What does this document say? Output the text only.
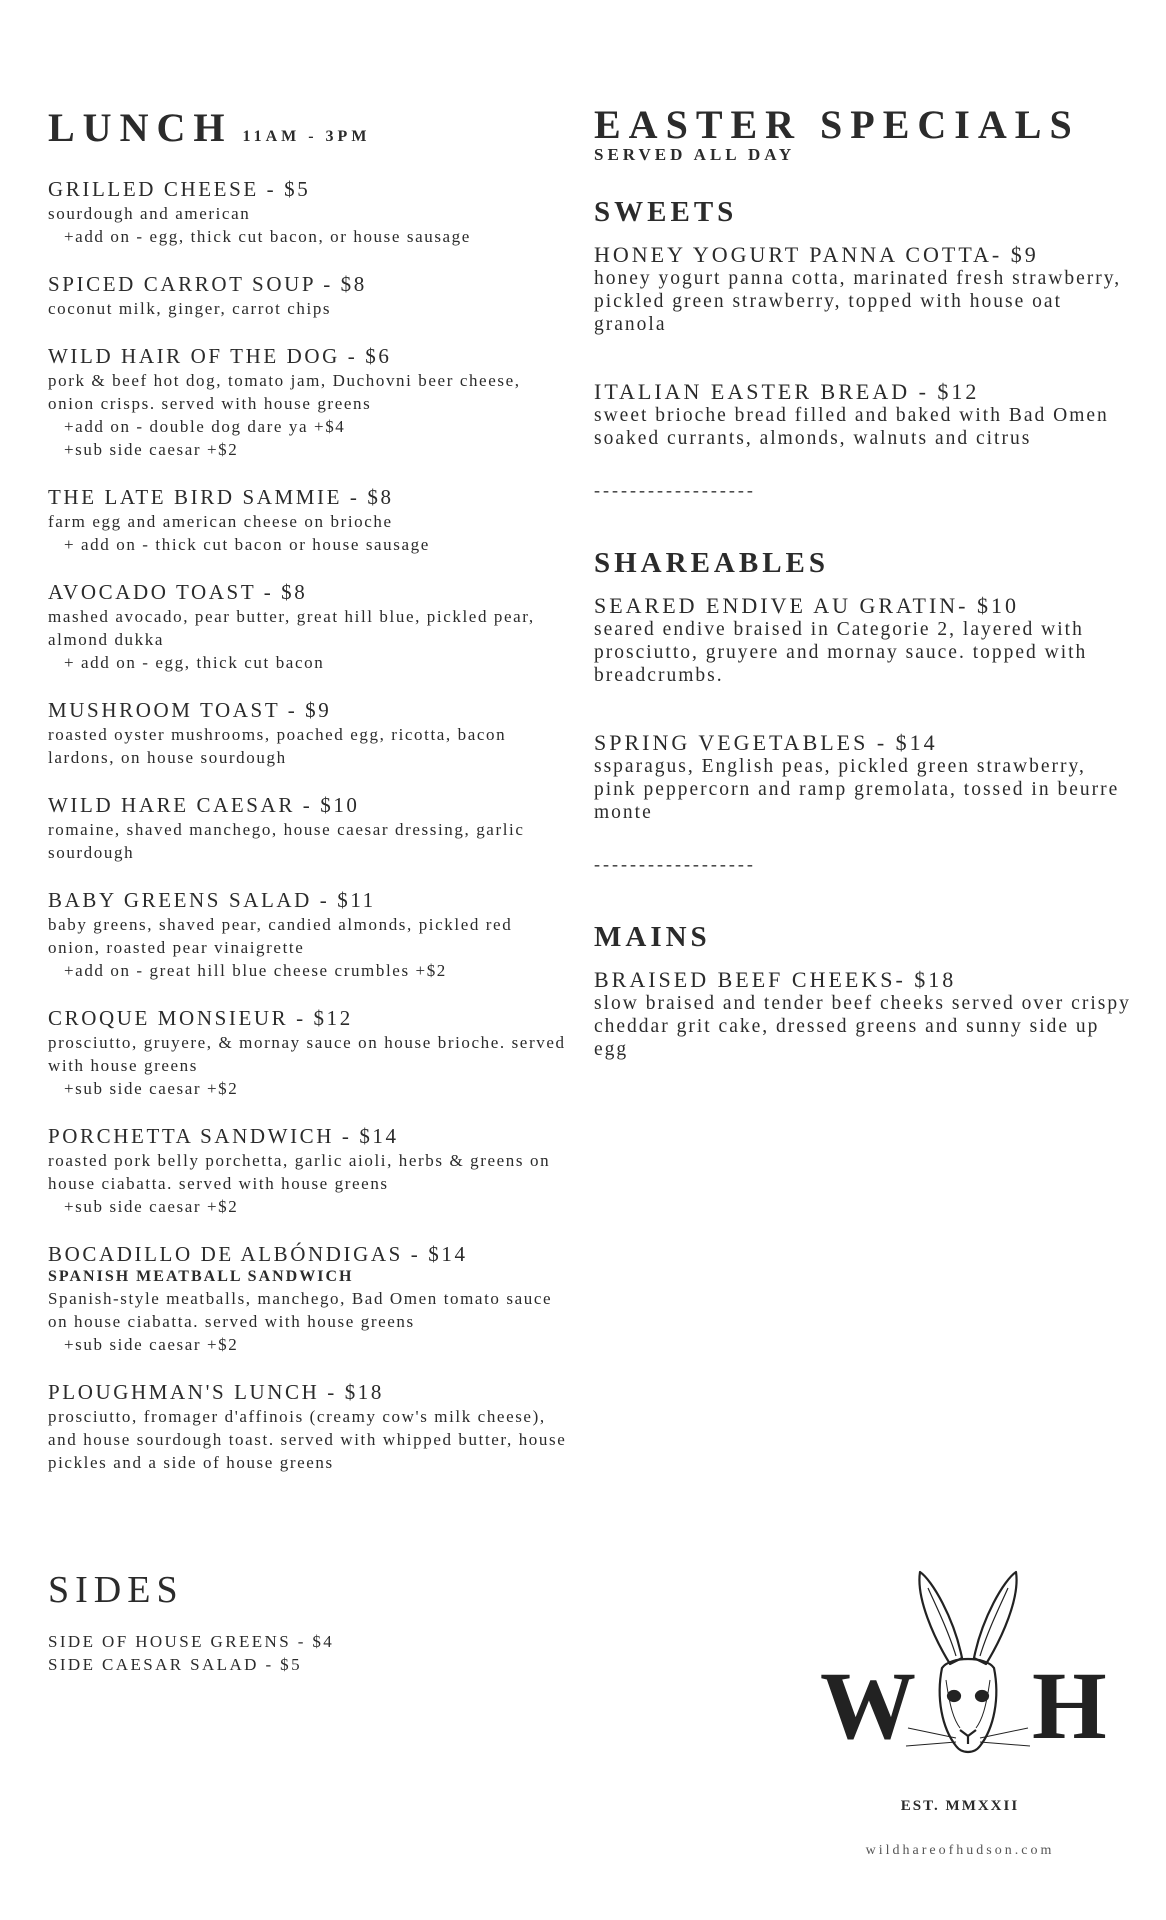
LUNCH 11AM - 3PM
GRILLED CHEESE - $5
sourdough and american
+add on - egg, thick cut bacon, or house sausage
SPICED CARROT SOUP - $8
coconut milk, ginger, carrot chips
WILD HAIR OF THE DOG - $6
pork & beef hot dog, tomato jam, Duchovni beer cheese, onion crisps. served with house greens
+add on - double dog dare ya +$4
+sub side caesar +$2
THE LATE BIRD SAMMIE - $8
farm egg and american cheese on brioche
+ add on - thick cut bacon or house sausage
AVOCADO TOAST - $8
mashed avocado, pear butter, great hill blue, pickled pear, almond dukka
+ add on - egg, thick cut bacon
MUSHROOM TOAST - $9
roasted oyster mushrooms, poached egg, ricotta, bacon lardons, on house sourdough
WILD HARE CAESAR - $10
romaine, shaved manchego, house caesar dressing, garlic sourdough
BABY GREENS SALAD - $11
baby greens, shaved pear, candied almonds, pickled red onion, roasted pear vinaigrette
+add on - great hill blue cheese crumbles +$2
CROQUE MONSIEUR - $12
prosciutto, gruyere, & mornay sauce on house brioche. served with house greens
+sub side caesar +$2
PORCHETTA SANDWICH - $14
roasted pork belly porchetta, garlic aioli, herbs & greens on house ciabatta. served with house greens
+sub side caesar +$2
BOCADILLO DE ALBÓNDIGAS - $14
SPANISH MEATBALL SANDWICH
Spanish-style meatballs, manchego, Bad Omen tomato sauce on house ciabatta. served with house greens
+sub side caesar +$2
PLOUGHMAN'S LUNCH - $18
prosciutto, fromager d'affinois (creamy cow's milk cheese), and house sourdough toast. served with whipped butter, house pickles and a side of house greens
SIDES
SIDE OF HOUSE GREENS - $4
SIDE CAESAR SALAD - $5
EASTER SPECIALS
SERVED ALL DAY
SWEETS
HONEY YOGURT PANNA COTTA- $9
honey yogurt panna cotta, marinated fresh strawberry, pickled green strawberry, topped with house oat granola
ITALIAN EASTER BREAD - $12
sweet brioche bread filled and baked with Bad Omen soaked currants, almonds, walnuts and citrus
------------------
SHAREABLES
SEARED ENDIVE AU GRATIN- $10
seared endive braised in Categorie 2, layered with prosciutto, gruyere and mornay sauce. topped with breadcrumbs.
SPRING VEGETABLES - $14
ssparagus, English peas, pickled green strawberry, pink peppercorn and ramp gremolata, tossed in beurre monte
------------------
MAINS
BRAISED BEEF CHEEKS- $18
slow braised and tender beef cheeks served over crispy cheddar grit cake, dressed greens and sunny side up egg
W H
EST. MMXXII
wildhareofhudson.com
